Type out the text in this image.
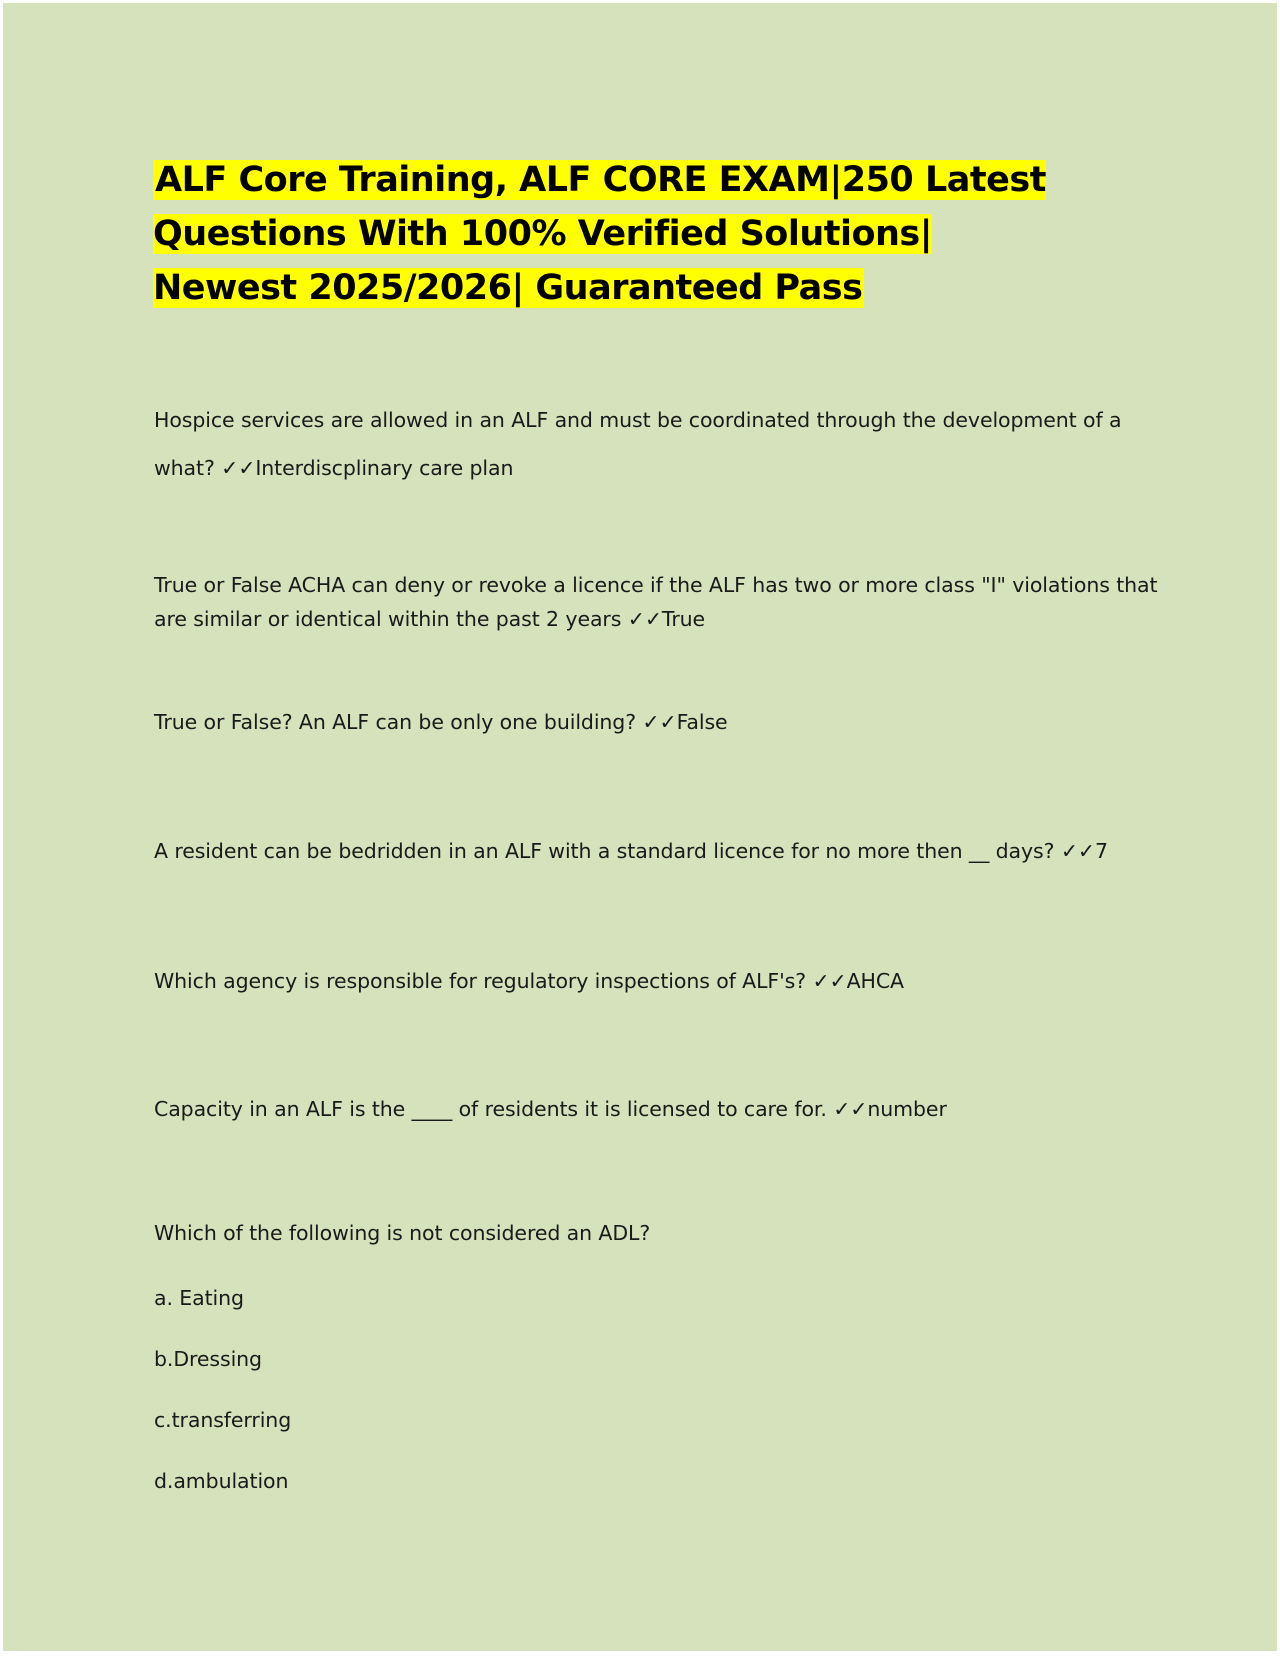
ALF Core Training, ALF CORE EXAM|250 Latest Questions With 100% Verified Solutions| Newest 2025/2026| Guaranteed Pass

Hospice services are allowed in an ALF and must be coordinated through the development of a what? ✓✓Interdiscplinary care plan

True or False ACHA can deny or revoke a licence if the ALF has two or more class "I" violations that are similar or identical within the past 2 years ✓✓True

True or False? An ALF can be only one building? ✓✓False

A resident can be bedridden in an ALF with a standard licence for no more then __ days? ✓✓7

Which agency is responsible for regulatory inspections of ALF's? ✓✓AHCA

Capacity in an ALF is the ____ of residents it is licensed to care for. ✓✓number

Which of the following is not considered an ADL?

a. Eating

b.Dressing

c.transferring

d.ambulation
